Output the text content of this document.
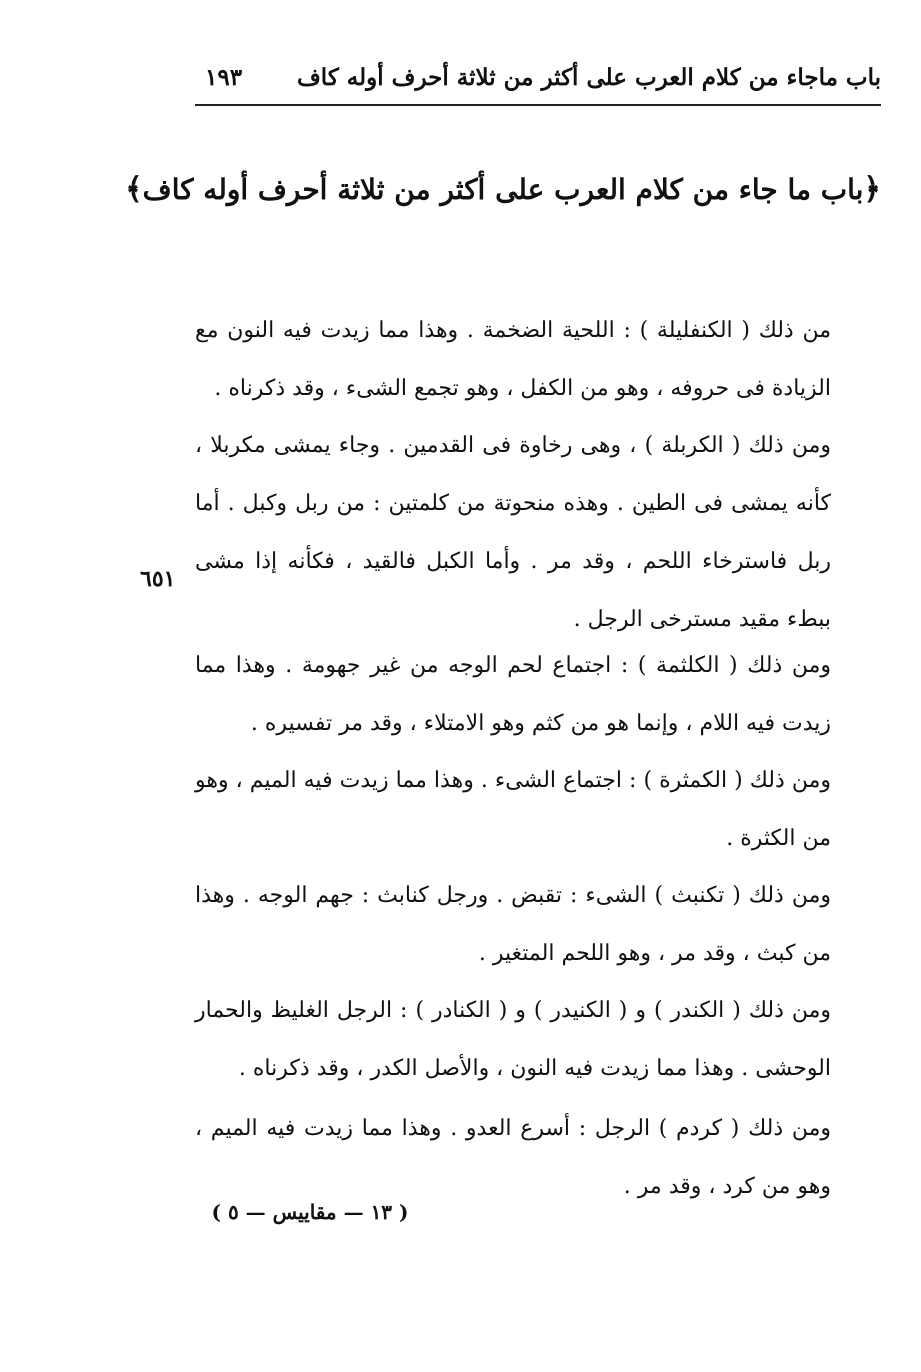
باب ماجاء من كلام العرب على أكثر من ثلاثة أحرف أوله كاف
١٩٣
﴿باب ما جاء من كلام العرب على أكثر من ثلاثة أحرف أوله كاف﴾

من ذلك ( الكنفليلة ) : اللحية الضخمة . وهذا مما زيدت فيه النون مع الزيادة فى حروفه ، وهو من الكفل ، وهو تجمع الشىء ، وقد ذكرناه .

ومن ذلك ( الكربلة ) ، وهى رخاوة فى القدمين . وجاء يمشى مكربلا ، كأنه يمشى فى الطين . وهذه منحوتة من كلمتين : من ربل وكبل . أما ربل فاسترخاء اللحم ، وقد مر . وأما الكبل فالقيد ، فكأنه إذا مشى ببطء مقيد مسترخى الرجل .

ومن ذلك ( الكلثمة ) : اجتماع لحم الوجه من غير جهومة . وهذا مما زيدت فيه اللام ، وإنما هو من كثم وهو الامتلاء ، وقد مر تفسيره .

ومن ذلك ( الكمثرة ) : اجتماع الشىء . وهذا مما زيدت فيه الميم ، وهو من الكثرة .

ومن ذلك ( تكنبث ) الشىء : تقبض . ورجل كنابث : جهم الوجه . وهذا من كبث ، وقد مر ، وهو اللحم المتغير .

ومن ذلك ( الكندر ) و ( الكنيدر ) و ( الكنادر ) : الرجل الغليظ والحمار الوحشى . وهذا مما زيدت فيه النون ، والأصل الكدر ، وقد ذكرناه .

ومن ذلك ( كردم ) الرجل : أسرع العدو . وهذا مما زيدت فيه الميم ، وهو من كرد ، وقد مر .

٦٥١
( ١٣ — مقاييس — ٥ )
